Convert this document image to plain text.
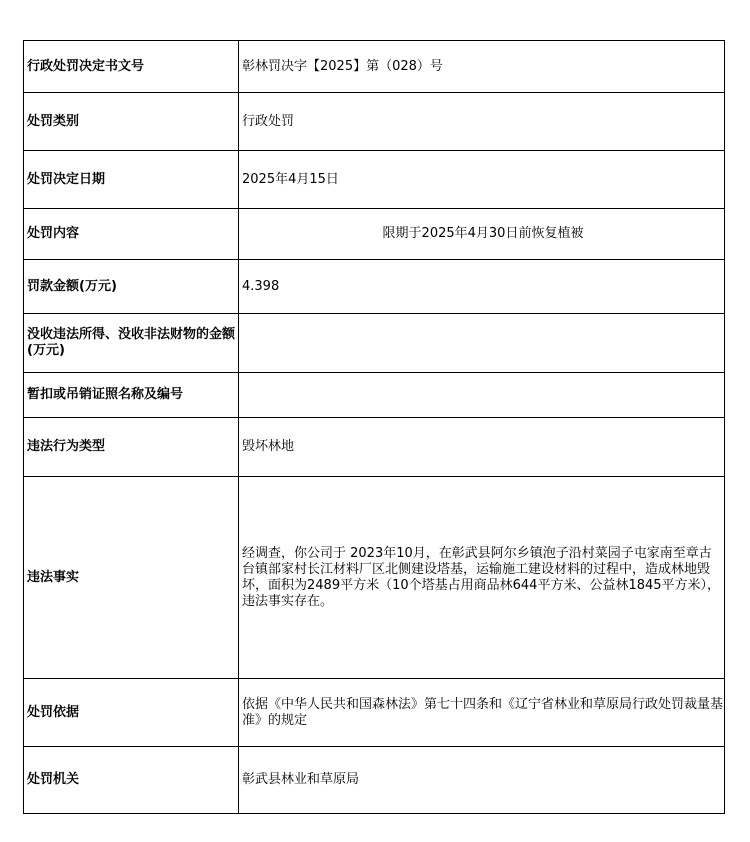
行政处罚决定书文号	彰林罚决字【2025】第（028）号
处罚类别	行政处罚
处罚决定日期	2025年4月15日
处罚内容	限期于2025年4月30日前恢复植被
罚款金额(万元)	4.398
没收违法所得、没收非法财物的金额(万元)	
暂扣或吊销证照名称及编号	
违法行为类型	毁坏林地
违法事实	经调查，你公司于 2023年10月，在彰武县阿尔乡镇泡子沿村菜园子屯家南至章古台镇部家村长江材料厂区北侧建设塔基，运输施工建设材料的过程中，造成林地毁坏，面积为2489平方米（10个塔基占用商品林644平方米、公益林1845平方米），违法事实存在。
处罚依据	依据《中华人民共和国森林法》第七十四条和《辽宁省林业和草原局行政处罚裁量基准》的规定
处罚机关	彰武县林业和草原局
